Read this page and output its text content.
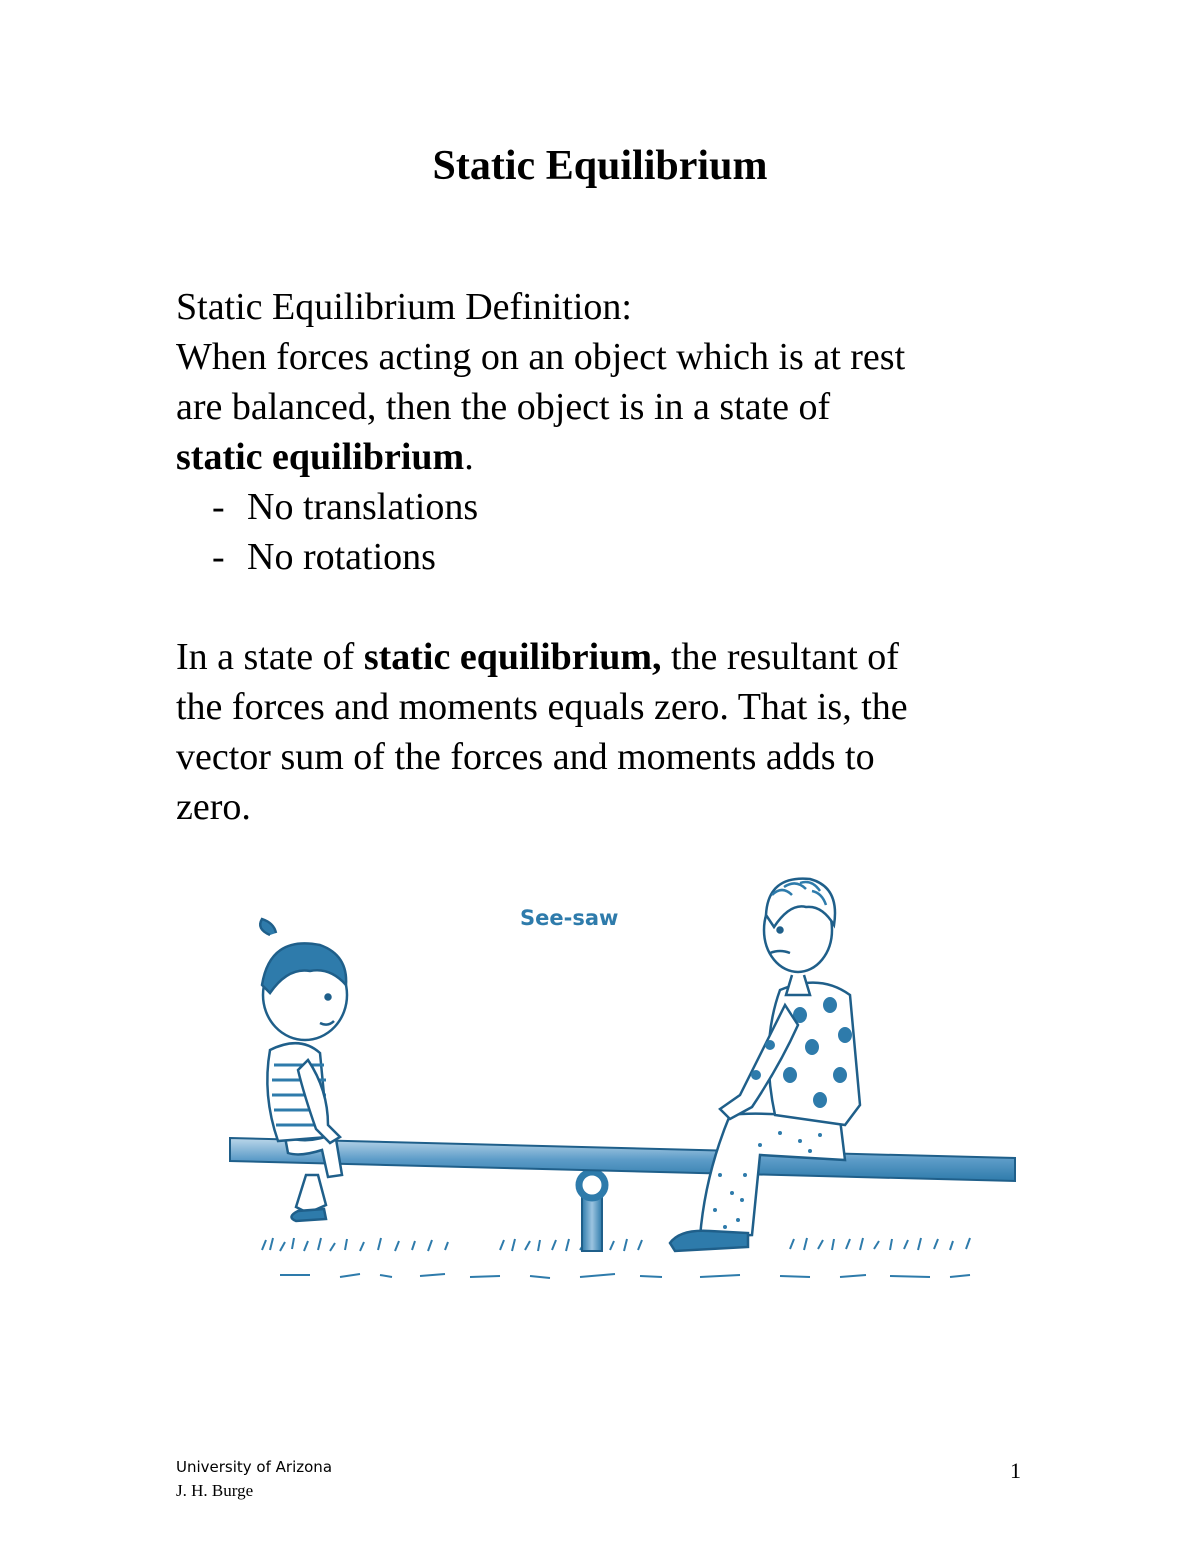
Static Equilibrium
Static Equilibrium Definition:
When forces acting on an object which is at rest
are balanced, then the object is in a state of
static equilibrium.
- No translations
- No rotations
In a state of static equilibrium, the resultant of
the forces and moments equals zero. That is, the
vector sum of the forces and moments adds to
zero.
See-saw
University of Arizona
J. H. Burge
1
